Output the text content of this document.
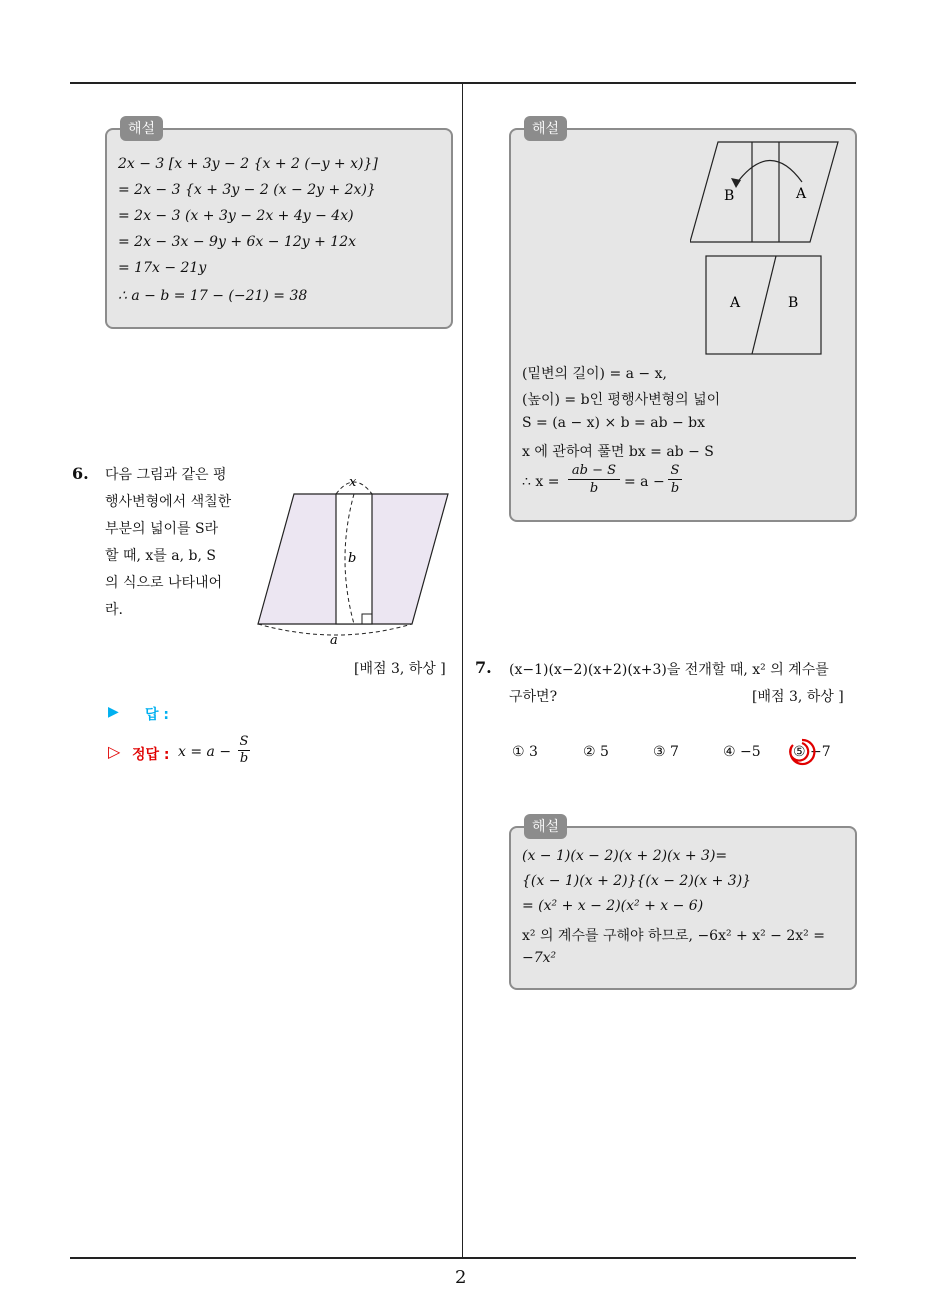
2
해설
2x − 3 [x + 3y − 2 {x + 2 (−y + x)}]
= 2x − 3 {x + 3y − 2 (x − 2y + 2x)}
= 2x − 3 (x + 3y − 2x + 4y − 4x)
= 2x − 3x − 9y + 6x − 12y + 12x
= 17x − 21y
∴ a − b = 17 − (−21) = 38
6. 다음 그림과 같은 평
행사변형에서 색칠한
부분의 넓이를 S라
할 때, x를 a, b, S
의 식으로 나타내어
라.
x
b
a
[배점 3, 하상 ]
▶ 답 :
▷ 정답 : $x = a - \frac{S}{b}$
해설
B	A
A	B
(밑변의 길이) = a − x,
(높이) = b인 평행사변형의 넓이
S = (a − x) × b = ab − bx
x 에 관하여 풀면 bx = ab − S
∴ $x = \frac{ab - S}{b} = a - \frac{S}{b}$
7. (x−1)(x−2)(x+2)(x+3)을 전개할 때, x² 의 계수를
구하면?	[배점 3, 하상 ]
① 3	② 5	③ 7	④ −5 ⑤ −7
해설
(x − 1)(x − 2)(x + 2)(x + 3)=
{(x − 1)(x + 2)}{(x − 2)(x + 3)}
= (x² + x − 2)(x² + x − 6)
x² 의 계수를 구해야 하므로, −6x² + x² − 2x² =
−7x²
